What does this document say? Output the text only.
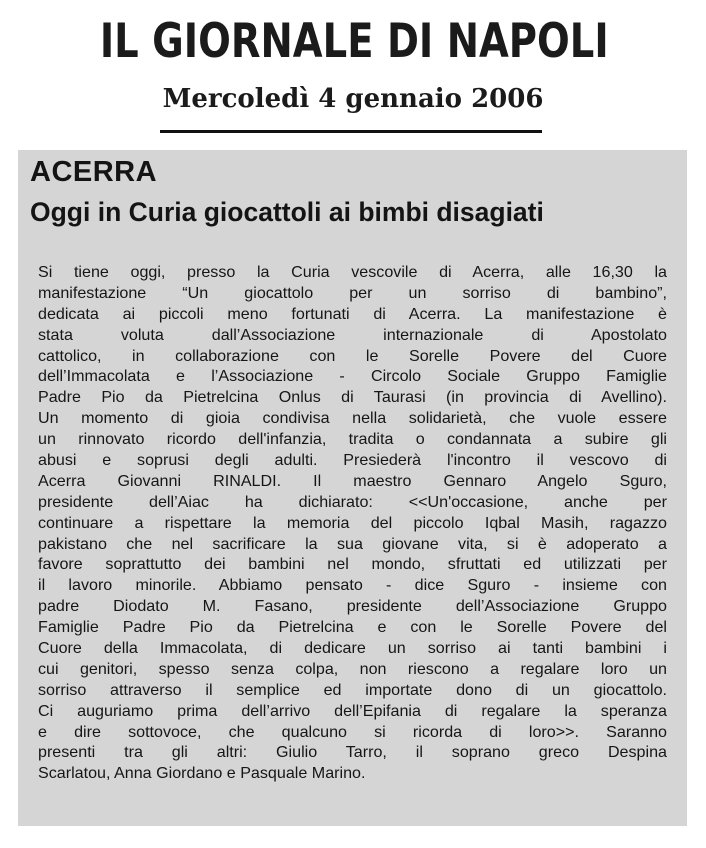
IL GIORNALE DI NAPOLI
Mercoledì 4 gennaio 2006
ACERRA
Oggi in Curia giocattoli ai bimbi disagiati
Si tiene oggi, presso la Curia vescovile di Acerra, alle 16,30 la
manifestazione “Un giocattolo per un sorriso di bambino”,
dedicata ai piccoli meno fortunati di Acerra. La manifestazione è
stata voluta dall’Associazione internazionale di Apostolato
cattolico, in collaborazione con le Sorelle Povere del Cuore
dell’Immacolata e l’Associazione - Circolo Sociale Gruppo Famiglie
Padre Pio da Pietrelcina Onlus di Taurasi (in provincia di Avellino).
Un momento di gioia condivisa nella solidarietà, che vuole essere
un rinnovato ricordo dell'infanzia, tradita o condannata a subire gli
abusi e soprusi degli adulti. Presiederà l'incontro il vescovo di
Acerra Giovanni RINALDI. Il maestro Gennaro Angelo Sguro,
presidente dell’Aiac ha dichiarato: <<Un'occasione, anche per
continuare a rispettare la memoria del piccolo Iqbal Masih, ragazzo
pakistano che nel sacrificare la sua giovane vita, si è adoperato a
favore soprattutto dei bambini nel mondo, sfruttati ed utilizzati per
il lavoro minorile. Abbiamo pensato - dice Sguro - insieme con
padre Diodato M. Fasano, presidente dell’Associazione Gruppo
Famiglie Padre Pio da Pietrelcina e con le Sorelle Povere del
Cuore della Immacolata, di dedicare un sorriso ai tanti bambini i
cui genitori, spesso senza colpa, non riescono a regalare loro un
sorriso attraverso il semplice ed importate dono di un giocattolo.
Ci auguriamo prima dell’arrivo dell’Epifania di regalare la speranza
e dire sottovoce, che qualcuno si ricorda di loro>>. Saranno
presenti tra gli altri: Giulio Tarro, il soprano greco Despina
Scarlatou, Anna Giordano e Pasquale Marino.
